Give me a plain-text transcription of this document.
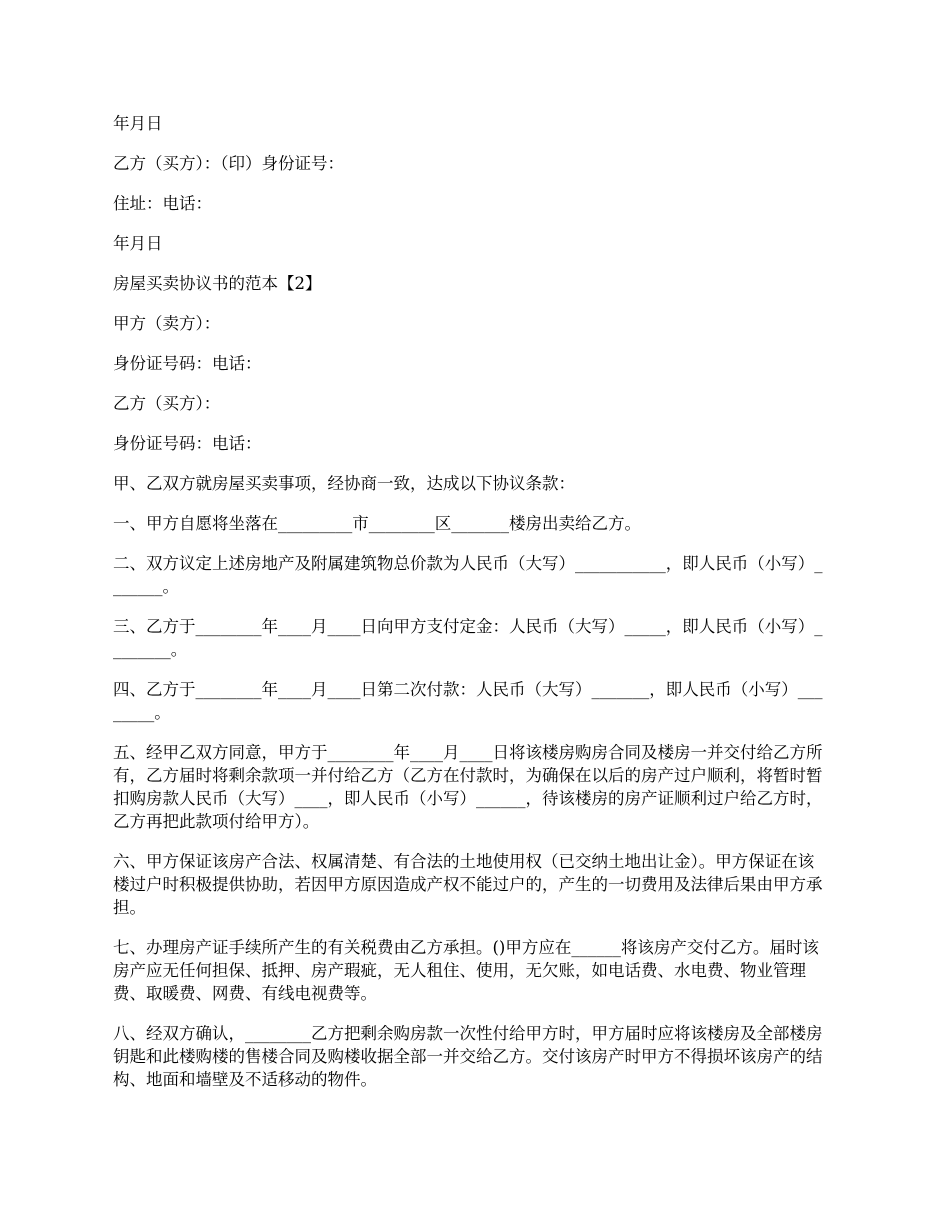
年月日

乙方（买方）：（印）身份证号：

住址：电话：

年月日

房屋买卖协议书的范本【2】

甲方（卖方）：

身份证号码：电话：

乙方（买方）：

身份证号码：电话：

甲、乙双方就房屋买卖事项，经协商一致，达成以下协议条款：

一、甲方自愿将坐落在_________市________区_______楼房出卖给乙方。

二、双方议定上述房地产及附属建筑物总价款为人民币（大写）___________，即人民币（小写）_______。

三、乙方于________年____月____日向甲方支付定金：人民币（大写）_____，即人民币（小写）________。

四、乙方于________年____月____日第二次付款：人民币（大写）_______，即人民币（小写）________。

五、经甲乙双方同意，甲方于________年____月____日将该楼房购房合同及楼房一并交付给乙方所有，乙方届时将剩余款项一并付给乙方（乙方在付款时，为确保在以后的房产过户顺利，将暂时暂扣购房款人民币（大写）____，即人民币（小写）______，待该楼房的房产证顺利过户给乙方时，乙方再把此款项付给甲方）。

六、甲方保证该房产合法、权属清楚、有合法的土地使用权（已交纳土地出让金）。甲方保证在该楼过户时积极提供协助，若因甲方原因造成产权不能过户的，产生的一切费用及法律后果由甲方承担。

七、办理房产证手续所产生的有关税费由乙方承担。()甲方应在______将该房产交付乙方。届时该房产应无任何担保、抵押、房产瑕疵，无人租住、使用，无欠账，如电话费、水电费、物业管理费、取暖费、网费、有线电视费等。

八、经双方确认，________乙方把剩余购房款一次性付给甲方时，甲方届时应将该楼房及全部楼房钥匙和此楼购楼的售楼合同及购楼收据全部一并交给乙方。交付该房产时甲方不得损坏该房产的结构、地面和墙壁及不适移动的物件。
